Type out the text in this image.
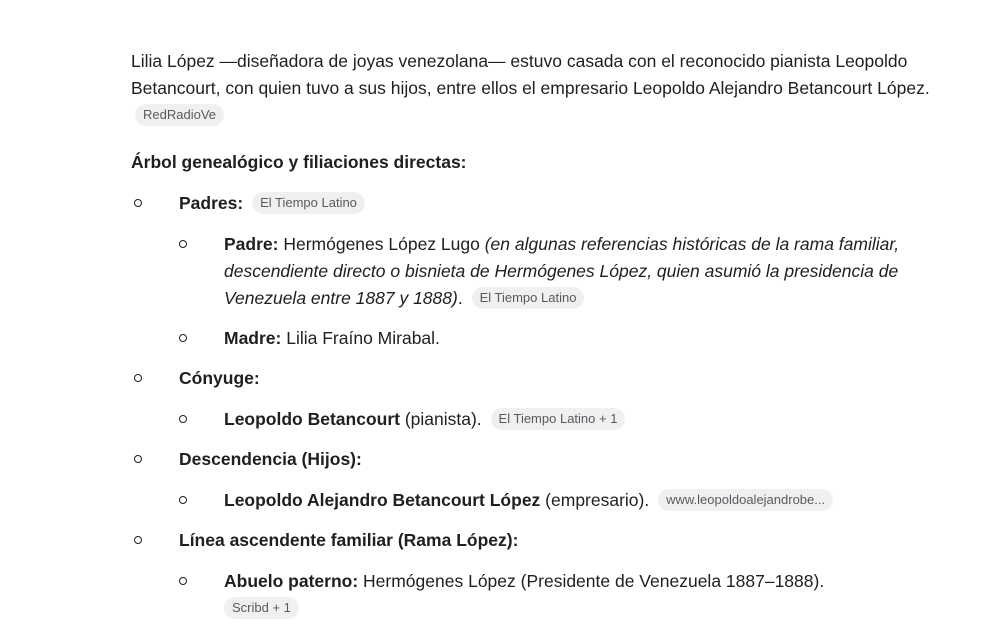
Lilia López —diseñadora de joyas venezolana— estuvo casada con el reconocido pianista Leopoldo Betancourt, con quien tuvo a sus hijos, entre ellos el empresario Leopoldo Alejandro Betancourt López. RedRadioVe

Árbol genealógico y filiaciones directas:

Padres: El Tiempo Latino
Padre: Hermógenes López Lugo (en algunas referencias históricas de la rama familiar, descendiente directo o bisnieta de Hermógenes López, quien asumió la presidencia de Venezuela entre 1887 y 1888). El Tiempo Latino
Madre: Lilia Fraíno Mirabal.
Cónyuge:
Leopoldo Betancourt (pianista). El Tiempo Latino + 1
Descendencia (Hijos):
Leopoldo Alejandro Betancourt López (empresario). www.leopoldoalejandrobe...
Línea ascendente familiar (Rama López):
Abuelo paterno: Hermógenes López (Presidente de Venezuela 1887–1888).
Scribd + 1
